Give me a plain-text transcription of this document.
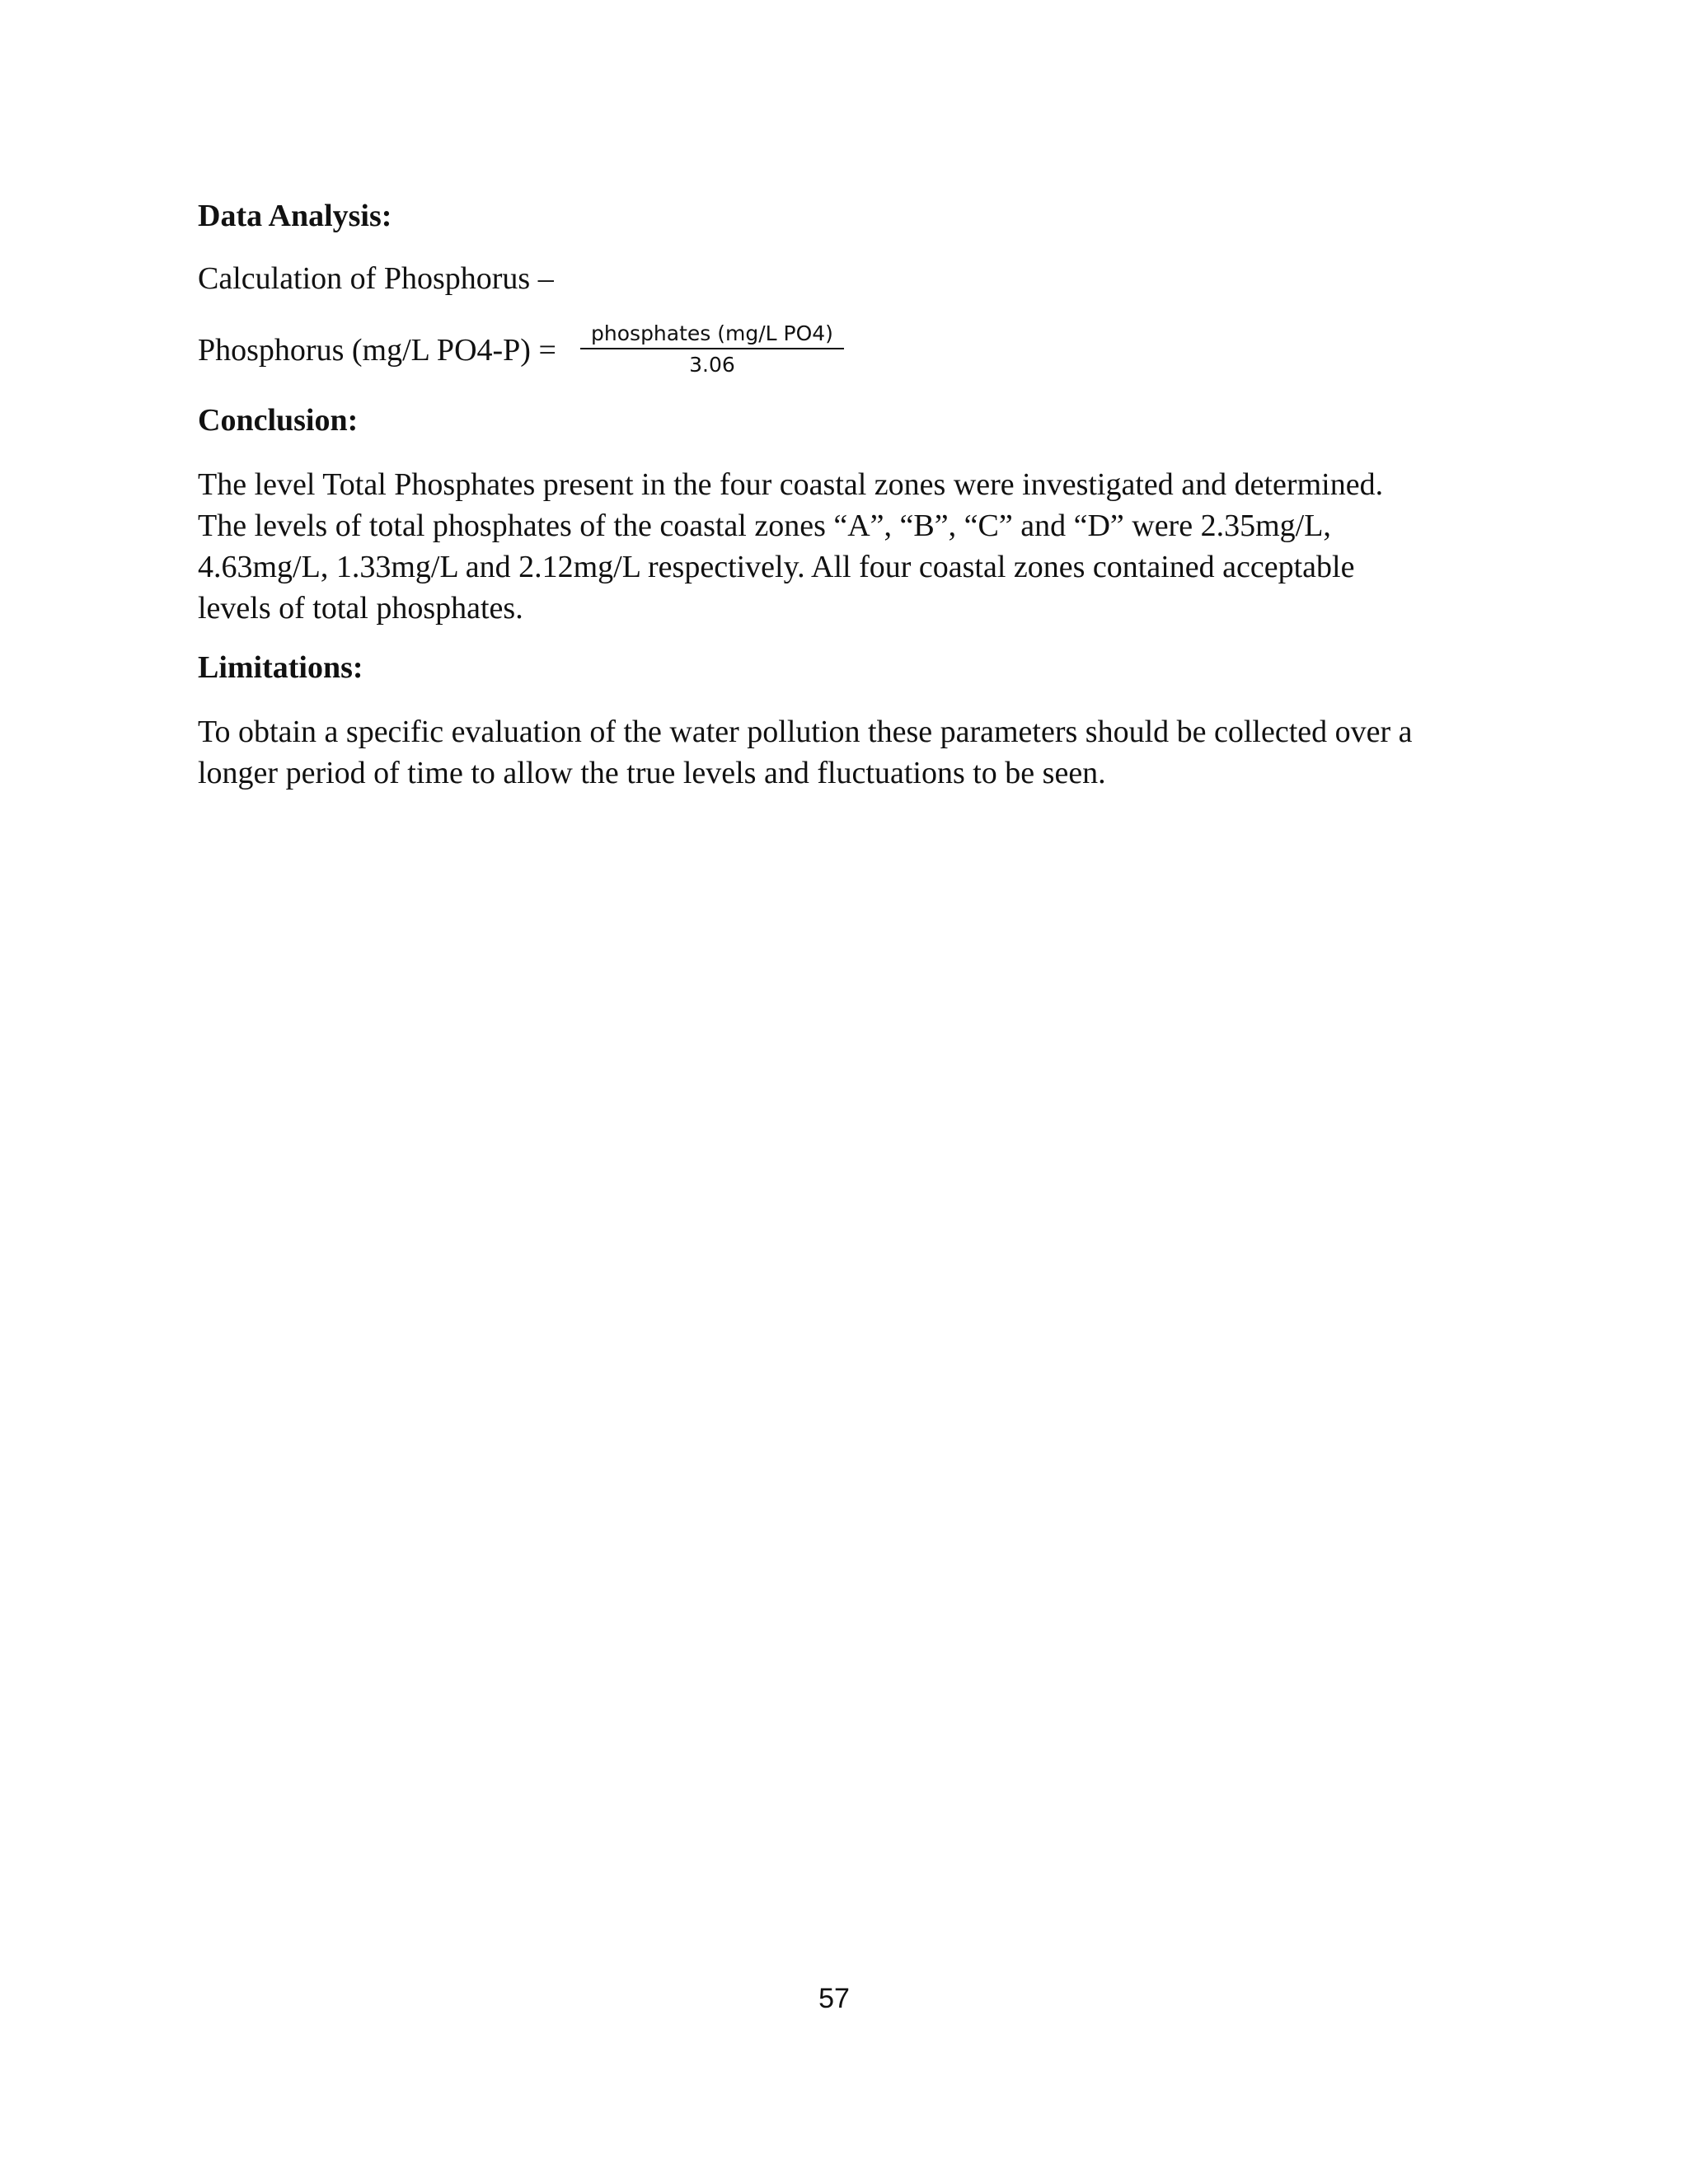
Data Analysis:

Calculation of Phosphorus –

Phosphorus (mg/L PO4-P) =	phosphates (mg/L PO4)
3.06
Conclusion:

The level Total Phosphates present in the four coastal zones were investigated and determined.
The levels of total phosphates of the coastal zones “A”, “B”, “C” and “D” were 2.35mg/L,
4.63mg/L, 1.33mg/L and 2.12mg/L respectively. All four coastal zones contained acceptable
levels of total phosphates.

Limitations:

To obtain a specific evaluation of the water pollution these parameters should be collected over a
longer period of time to allow the true levels and fluctuations to be seen.

57
